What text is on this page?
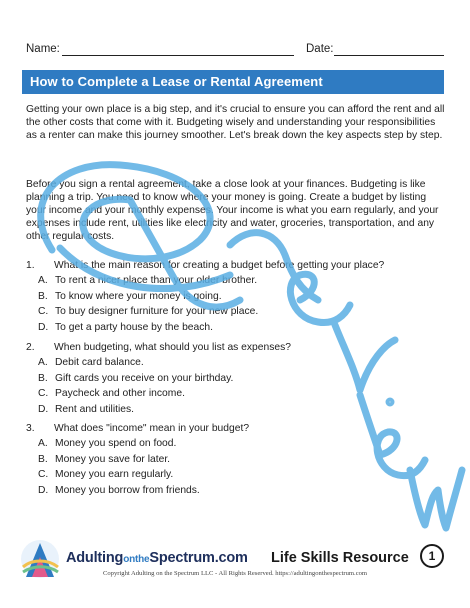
Name:	Date:
How to Complete a Lease or Rental Agreement

Getting your own place is a big step, and it's crucial to ensure you can afford the rent and all the other costs that come with it. Budgeting wisely and understanding your responsibilities as a renter can make this journey smoother. Let's break down the key aspects step by step.

Before you sign a rental agreement, take a close look at your finances. Budgeting is like planning a trip. You need to know where your money is going. Create a budget by listing your income and your monthly expenses. Your income is what you earn regularly, and your expenses include rent, utilities like electricity and water, groceries, transportation, and any other regular costs.

1. What is the main reason for creating a budget before getting your place?
A. To rent a nicer place than your older brother.
B. To know where your money is going.
C. To buy designer furniture for your new place.
D. To get a party house by the beach.
2. When budgeting, what should you list as expenses?
A. Debit card balance.
B. Gift cards you receive on your birthday.
C. Paycheck and other income.
D. Rent and utilities.
3. What does "income" mean in your budget?
A. Money you spend on food.
B. Money you save for later.
C. Money you earn regularly.
D. Money you borrow from friends.
AdultingontheSpectrum.com Life Skills Resource	1
Copyright Adulting on the Spectrum LLC - All Rights Reserved. https://adultingonthespectrum.com
